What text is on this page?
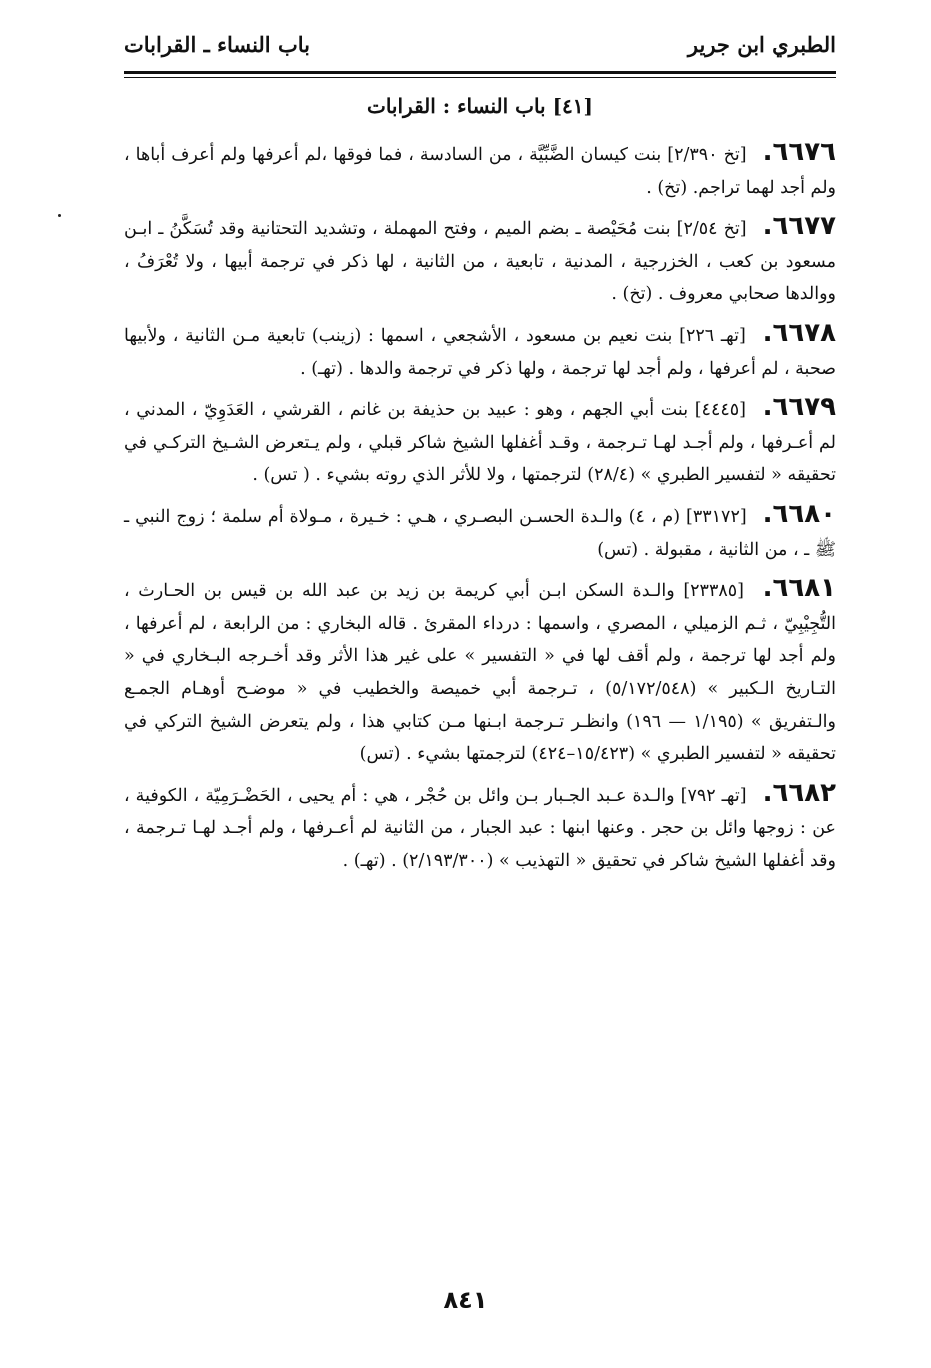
الطبري ابن جرير
باب النساء ـ القرابات
[٤١] باب النساء : القرابات

٦٦٧٦. [تخ ٢/٣٩٠] بنت كيسان الضَّبِّيَّة ، من السادسة ، فما فوقها ،لم أعرفها ولم أعرف أباها ، ولم أجد لهما تراجم. (تخ) .

٦٦٧٧. [تخ ٢/٥٤] بنت مُحَيْصة ـ بضم الميم ، وفتح المهملة ، وتشديد التحتانية وقد تُسَكَّنُ ـ ابـن مسعود بن كعب ، الخزرجية ، المدنية ، تابعية ، من الثانية ، لها ذكر في ترجمة أبيها ، ولا تُعْرَفُ ، ووالدها صحابي معروف . (تخ) .

٦٦٧٨. [تهـ ٢٢٦] بنت نعيم بن مسعود ، الأشجعي ، اسمها : (زينب) تابعية مـن الثانية ، ولأبيها صحبة ، لم أعرفها ، ولم أجد لها ترجمة ، ولها ذكر في ترجمة والدها . (تهـ) .

٦٦٧٩. [٤٤٤٥] بنت أبي الجهم ، وهو : عبيد بن حذيفة بن غانم ، القرشي ، العَدَوِيّ ، المدني ، لم أعـرفها ، ولم أجـد لهـا تـرجمة ، وقـد أغفلها الشيخ شاكر قبلي ، ولم يـتعرض الشـيخ التركـي في تحقيقه « لتفسير الطبري » (٢٨/٤) لترجمتها ، ولا للأثر الذي روته بشيء . ( تس) .

٦٦٨٠. [٣٣١٧٢] (م ، ٤) والـدة الحسـن البصـري ، هـي : خـيرة ، مـولاة أم سلمة ؛ زوج النبي ـ ﷺ ـ ، من الثانية ، مقبولة . (تس)

٦٦٨١. [٢٣٣٨٥] والـدة السكن ابـن أبي كريمة بن زيد بن عبد الله بن قيس بن الحـارث ، التُّجِيْبِيّ ، ثـم الزميلي ، المصري ، واسمها : درداء المقرئ . قاله البخاري : من الرابعة ، لم أعرفها ، ولم أجد لها ترجمة ، ولم أقف لها في « التفسير » على غير هذا الأثر وقد أخـرجه البـخاري في « التـاريخ الـكبير » (٥/١٧٢/٥٤٨) ، تـرجمة أبي خميصة والخطيب في « موضـح أوهـام الجمـع والـتفريق » (١/١٩٥ — ١٩٦) وانظـر تـرجمة ابـنها مـن كتابي هذا ، ولم يتعرض الشيخ التركي في تحقيقه « لتفسير الطبري » (١٥/٤٢٣–٤٢٤) لترجمتها بشيء . (تس)

٦٦٨٢. [تهـ ٧٩٢] والـدة عـبد الجـبار بـن وائل بن حُجْر ، هي : أم يحيى ، الحَضْـرَمِيّة ، الكوفية ، عن : زوجها وائل بن حجر . وعنها ابنها : عبد الجبار ، من الثانية لم أعـرفها ، ولم أجـد لهـا تـرجمة ، وقد أغفلها الشيخ شاكر في تحقيق « التهذيب » (٢/١٩٣/٣٠٠) . (تهـ) .

٨٤١
